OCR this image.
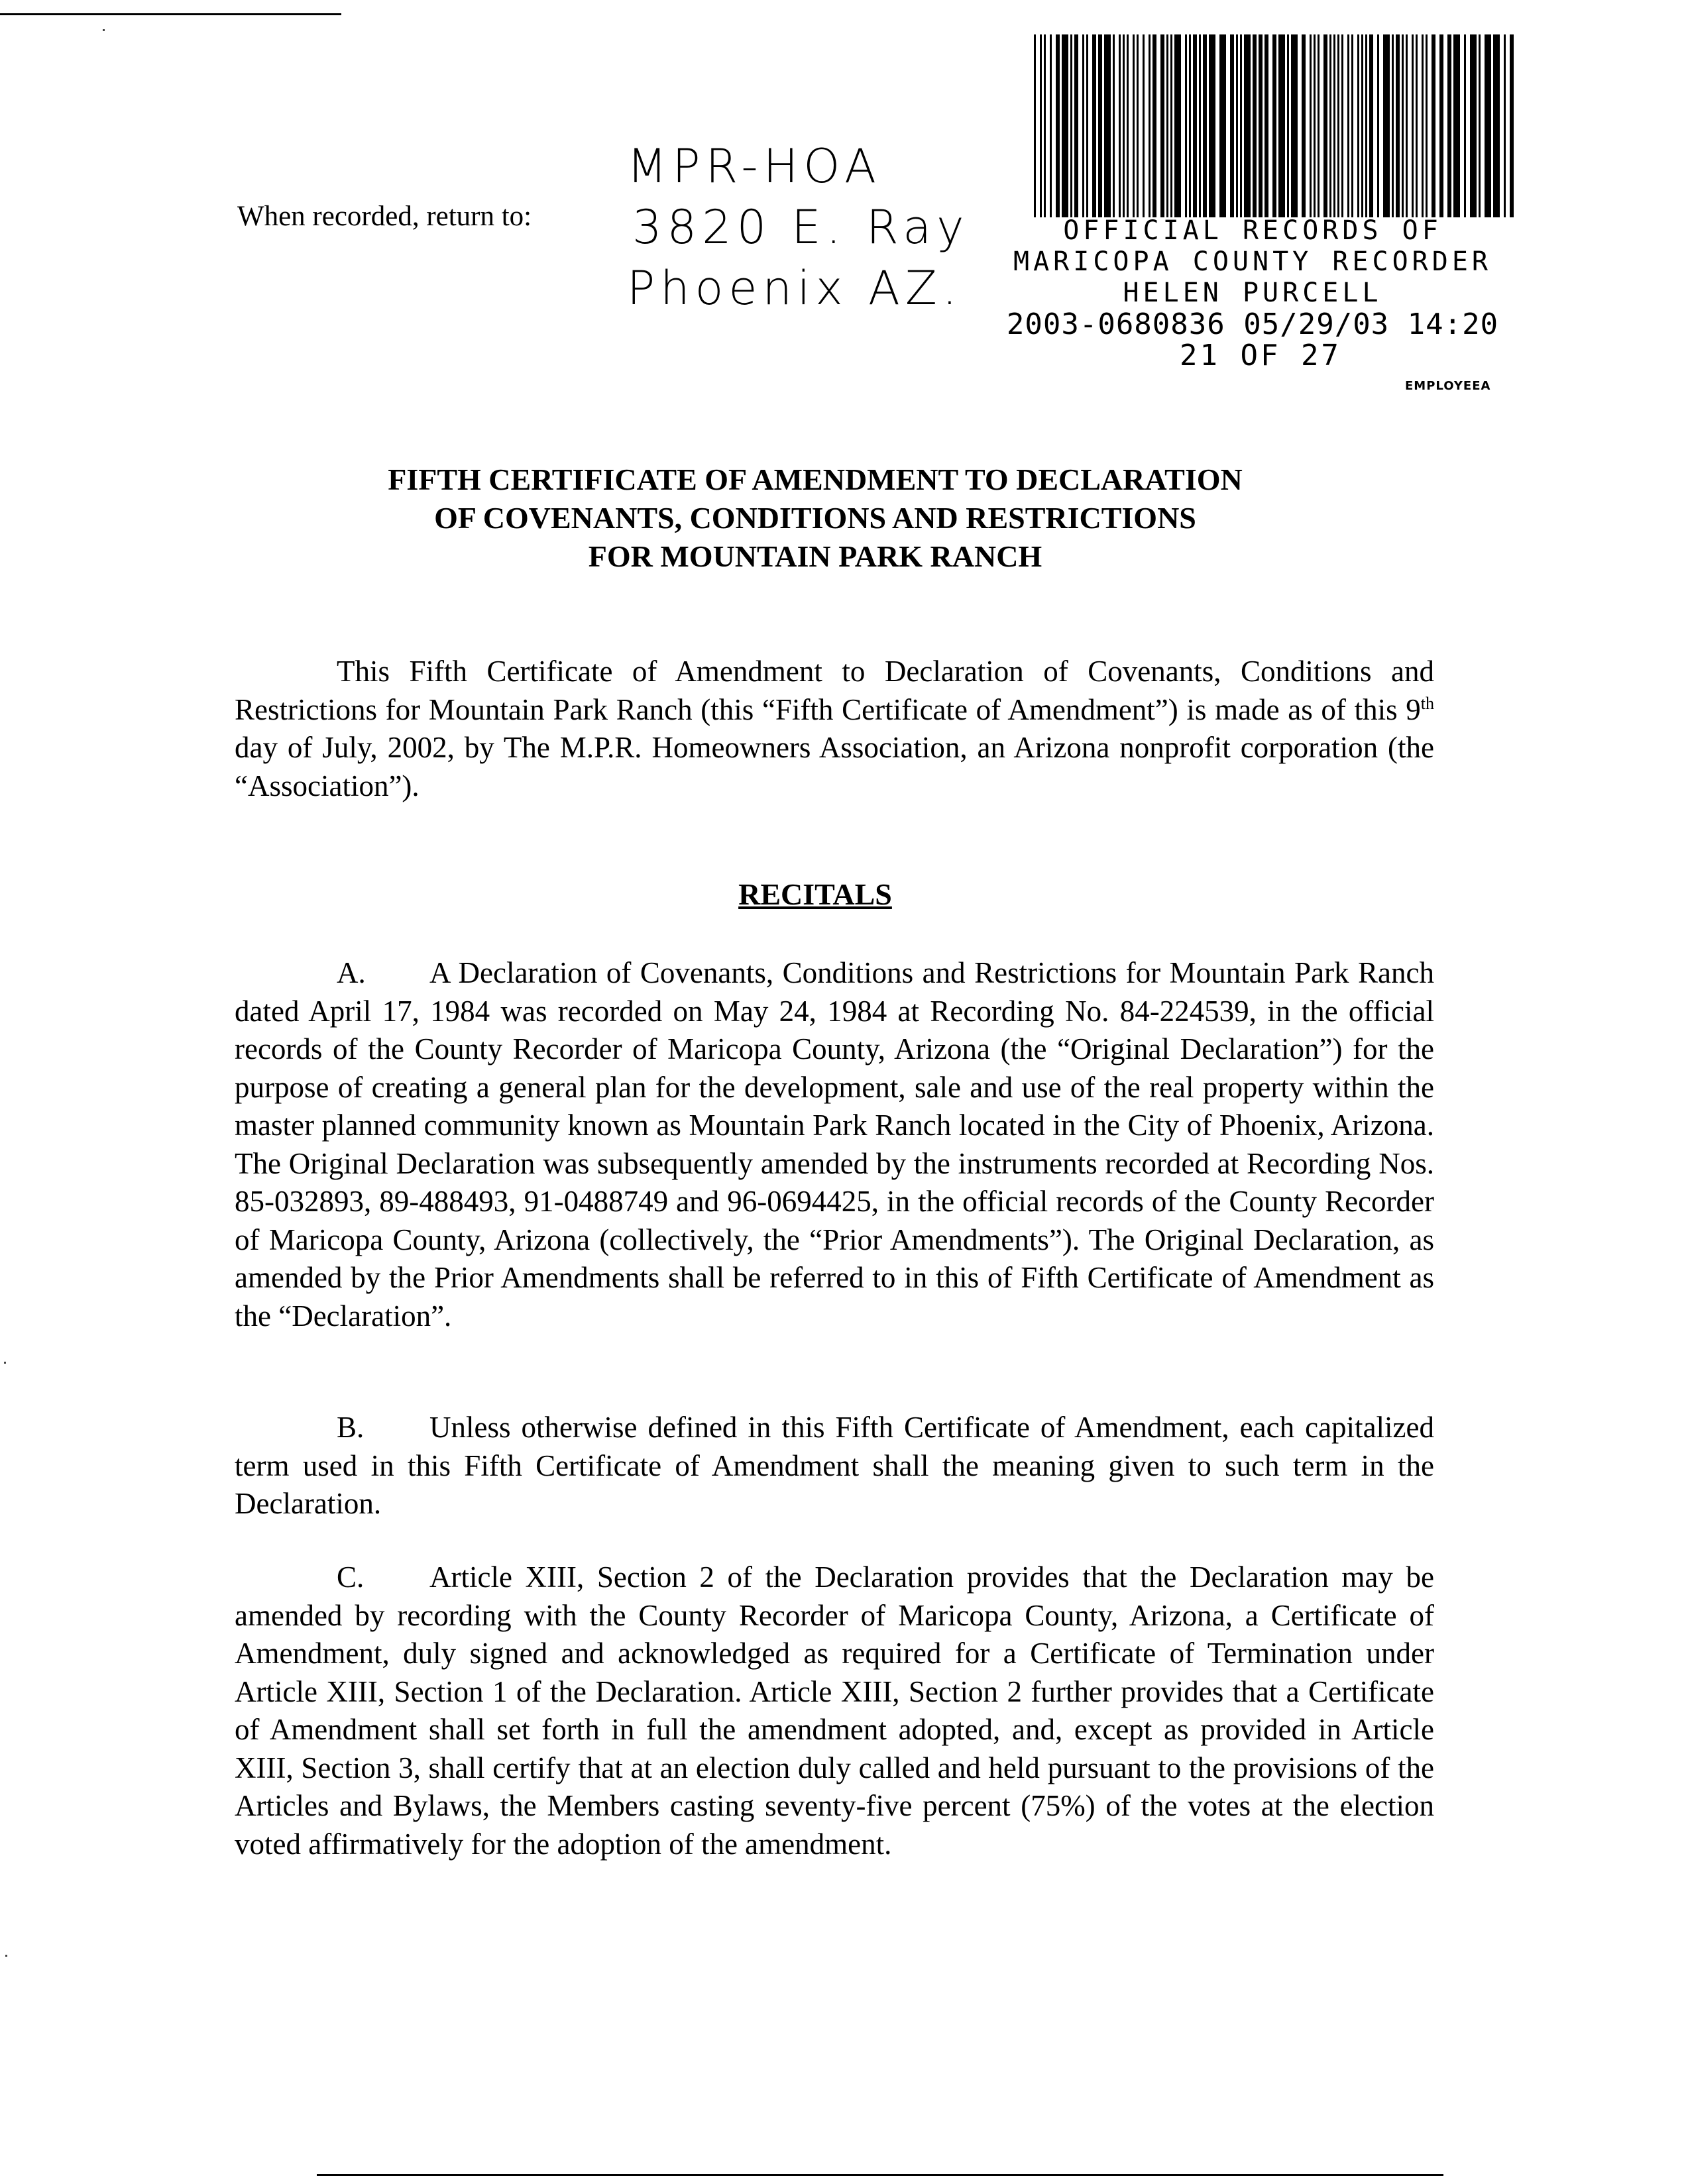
When recorded, return to:
MPR-HOA
3820 E. Ray
Phoenix AZ.
OFFICIAL RECORDS OF
MARICOPA COUNTY RECORDER
HELEN PURCELL
2003-0680836 05/29/03 14:20
21 OF 27
EMPLOYEEA
FIFTH CERTIFICATE OF AMENDMENT TO DECLARATION
OF COVENANTS, CONDITIONS AND RESTRICTIONS
FOR MOUNTAIN PARK RANCH
This Fifth Certificate of Amendment to Declaration of Covenants, Conditions and Restrictions for Mountain Park Ranch (this “Fifth Certificate of Amendment”) is made as of this 9th day of July, 2002, by The M.P.R. Homeowners Association, an Arizona nonprofit corporation (the “Association”).
RECITALS
A. A Declaration of Covenants, Conditions and Restrictions for Mountain Park Ranch dated April 17, 1984 was recorded on May 24, 1984 at Recording No. 84-224539, in the official records of the County Recorder of Maricopa County, Arizona (the “Original Declaration”) for the purpose of creating a general plan for the development, sale and use of the real property within the master planned community known as Mountain Park Ranch located in the City of Phoenix, Arizona. The Original Declaration was subsequently amended by the instruments recorded at Recording Nos. 85-032893, 89-488493, 91-0488749 and 96-0694425, in the official records of the County Recorder of Maricopa County, Arizona (collectively, the “Prior Amendments”). The Original Declaration, as amended by the Prior Amendments shall be referred to in this of Fifth Certificate of Amendment as the “Declaration”.
B. Unless otherwise defined in this Fifth Certificate of Amendment, each capitalized term used in this Fifth Certificate of Amendment shall the meaning given to such term in the Declaration.
C. Article XIII, Section 2 of the Declaration provides that the Declaration may be amended by recording with the County Recorder of Maricopa County, Arizona, a Certificate of Amendment, duly signed and acknowledged as required for a Certificate of Termination under Article XIII, Section 1 of the Declaration. Article XIII, Section 2 further provides that a Certificate of Amendment shall set forth in full the amendment adopted, and, except as provided in Article XIII, Section 3, shall certify that at an election duly called and held pursuant to the provisions of the Articles and Bylaws, the Members casting seventy-five percent (75%) of the votes at the election voted affirmatively for the adoption of the amendment.
